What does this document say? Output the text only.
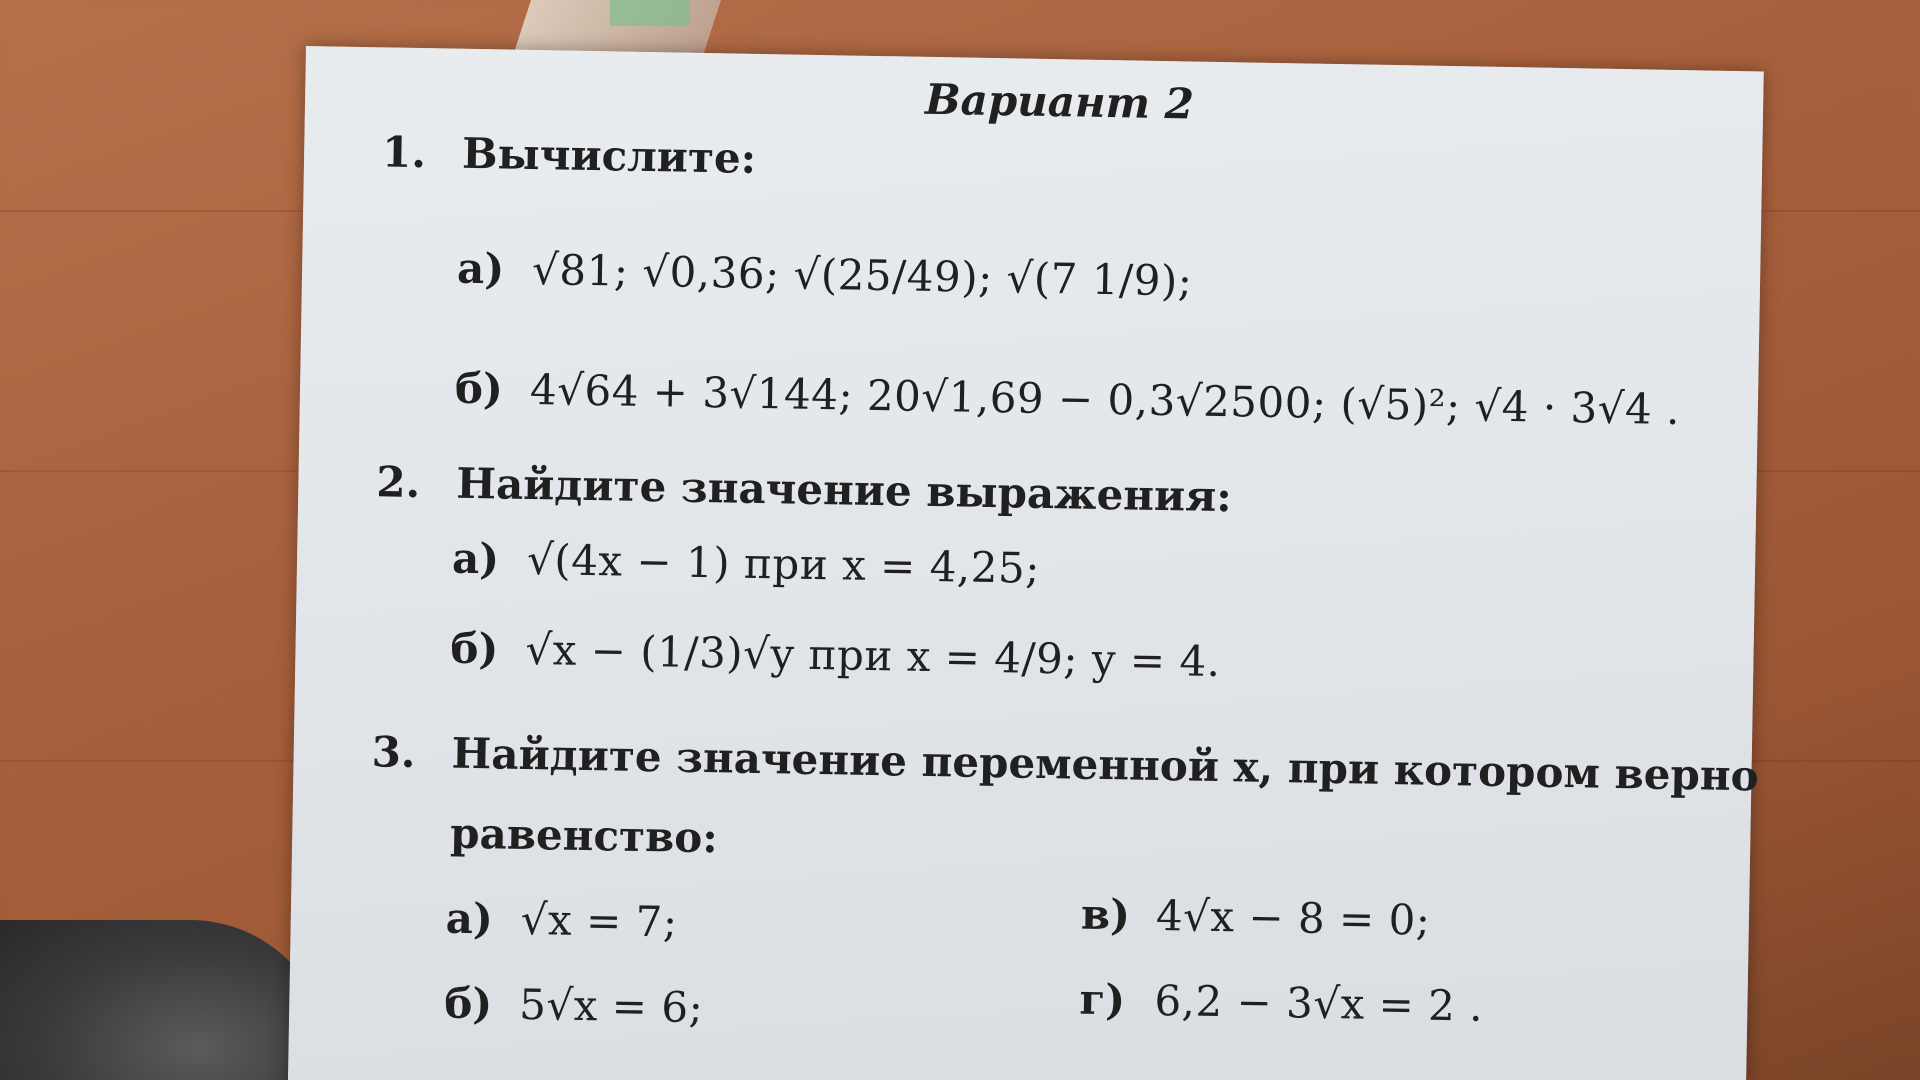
Вариант 2
1. Вычислите:
а) √81; √0,36; √(25/49); √(7 1/9);
б) 4√64 + 3√144; 20√1,69 − 0,3√2500; (√5)²; √4 · 3√4 .
2. Найдите значение выражения:
а) √(4x − 1) при x = 4,25;
б) √x − (1/3)√y при x = 4/9; y = 4.
3. Найдите значение переменной x, при котором верно
равенство:
а) √x = 7;
б) 5√x = 6;
в) 4√x − 8 = 0;
г) 6,2 − 3√x = 2 .
